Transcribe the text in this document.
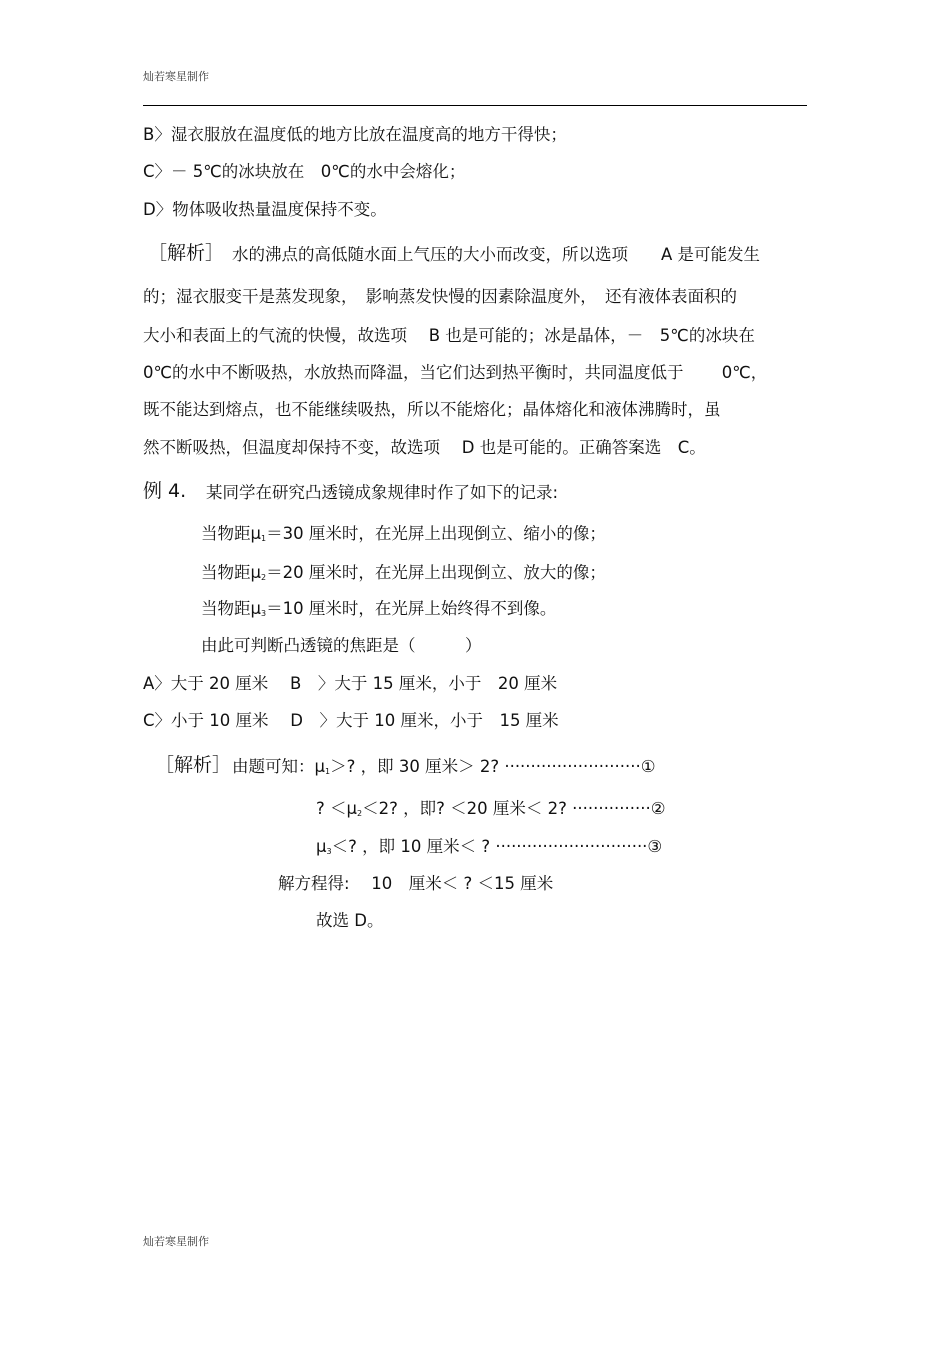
灿若寒星制作
B〉湿衣服放在温度低的地方比放在温度高的地方干得快；
C〉－ 5℃的冰块放在　0℃的水中会熔化；
D〉物体吸收热量温度保持不变。
［解析］ 水的沸点的高低随水面上气压的大小而改变，所以选项　　A 是可能发生
的；湿衣服变干是蒸发现象，　影响蒸发快慢的因素除温度外，　还有液体表面积的
大小和表面上的气流的快慢，故选项　 B 也是可能的；冰是晶体，－　5℃的冰块在
0℃的水中不断吸热，水放热而降温，当它们达到热平衡时，共同温度低于　　 0℃，
既不能达到熔点，也不能继续吸热，所以不能熔化；晶体熔化和液体沸腾时，虽
然不断吸热，但温度却保持不变，故选项　 D 也是可能的。正确答案选　C。
例 4. 某同学在研究凸透镜成象规律时作了如下的记录:
当物距$\mu_1=30$ 厘米时，在光屏上出现倒立、缩小的像；
当物距$\mu_2=20$ 厘米时，在光屏上出现倒立、放大的像；
当物距$\mu_3=10$ 厘米时，在光屏上始终得不到像。
由此可判断凸透镜的焦距是（　　　）
A〉大于 20 厘米　 B　〉大于 15 厘米，小于　20 厘米
C〉小于 10 厘米　 D　〉大于 10 厘米，小于　15 厘米
［解析］ 由题可知：$\mu_1>$? ，即 30 厘米＞ 2? ··························①
? $<\mu_2<2$? ，即? ＜20 厘米＜ 2? ···············②
$\mu_3<$? ，即 10 厘米＜ ? ·····························③
解方程得:　 10　厘米＜ ? ＜15 厘米
故选 D。
灿若寒星制作
